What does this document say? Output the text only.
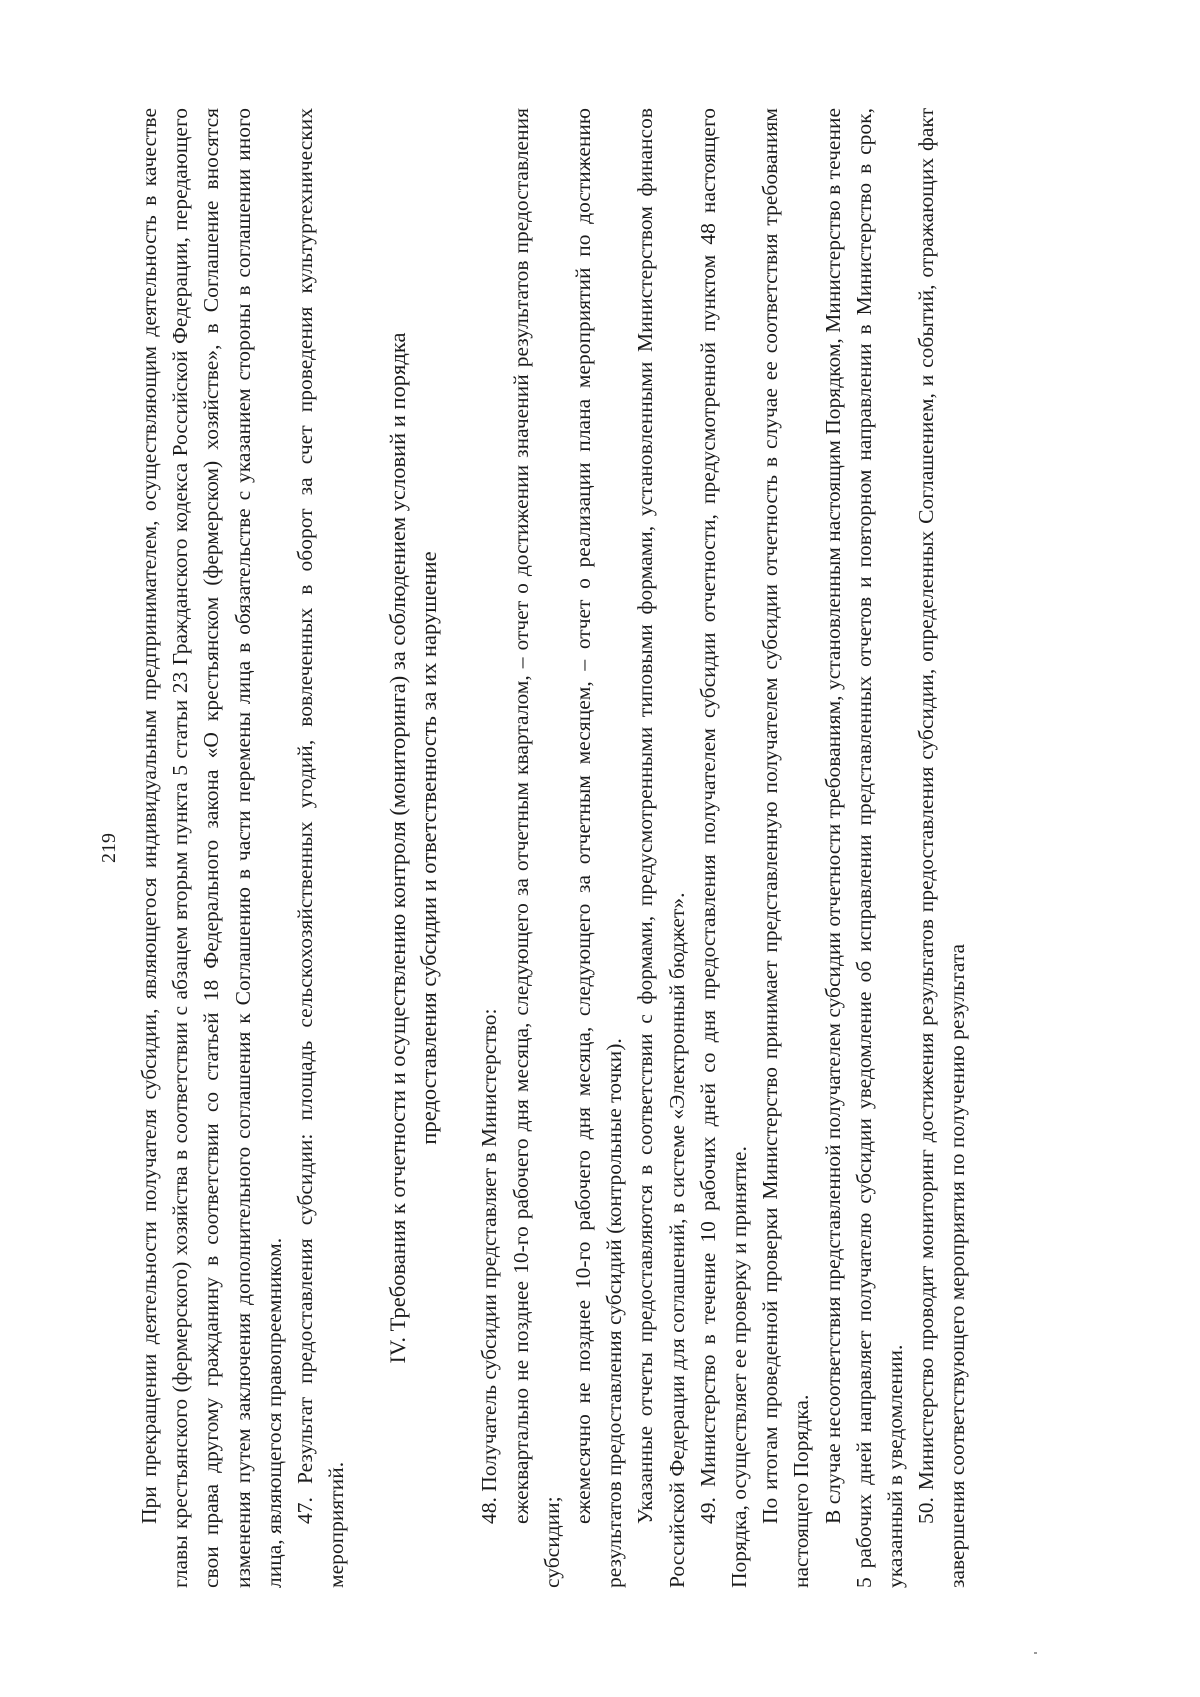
219 При прекращении деятельности получателя субсидии, являющегося индивидуальным предпринимателем, осуществляющим деятельность в качестве главы крестьянского (фермерского) хозяйства в соответствии с абзацем вторым пункта 5 статьи 23 Гражданского кодекса Российской Федерации, передающего свои права другому гражданину в соответствии со статьей 18 Федерального закона «О крестьянском (фермерском) хозяйстве», в Соглашение вносятся изменения путем заключения дополнительного соглашения к Соглашению в части перемены лица в обязательстве с указанием стороны в соглашении иного лица, являющегося правопреемником. 47. Результат предоставления субсидии: площадь сельскохозяйственных угодий, вовлеченных в оборот за счет проведения культуртехнических мероприятий.

IV. Требования к отчетности и осуществлению контроля (мониторинга) за соблюдением условий и порядка предоставления субсидии и ответственность за их нарушение

48. Получатель субсидии представляет в Министерство: ежеквартально не позднее 10-го рабочего дня месяца, следующего за отчетным кварталом, – отчет о достижении значений результатов предоставления субсидии;

ежемесячно не позднее 10-го рабочего дня месяца, следующего за отчетным месяцем, – отчет о реализации плана мероприятий по достижению результатов предоставления субсидий (контрольные точки). Указанные отчеты предоставляются в соответствии с формами, предусмотренными типовыми формами, установленными Министерством финансов Российской Федерации для соглашений, в системе «Электронный бюджет». 49. Министерство в течение 10 рабочих дней со дня предоставления получателем субсидии отчетности, предусмотренной пунктом 48 настоящего Порядка, осуществляет ее проверку и принятие. По итогам проведенной проверки Министерство принимает представленную получателем субсидии отчетность в случае ее соответствия требованиям настоящего Порядка. В случае несоответствия представленной получателем субсидии отчетности требованиям, установленным настоящим Порядком, Министерство в течение 5 рабочих дней направляет получателю субсидии уведомление об исправлении представленных отчетов и повторном направлении в Министерство в срок, указанный в уведомлении. 50. Министерство проводит мониторинг достижения результатов предоставления субсидии, определенных Соглашением, и событий, отражающих факт завершения соответствующего мероприятия по получению результата
